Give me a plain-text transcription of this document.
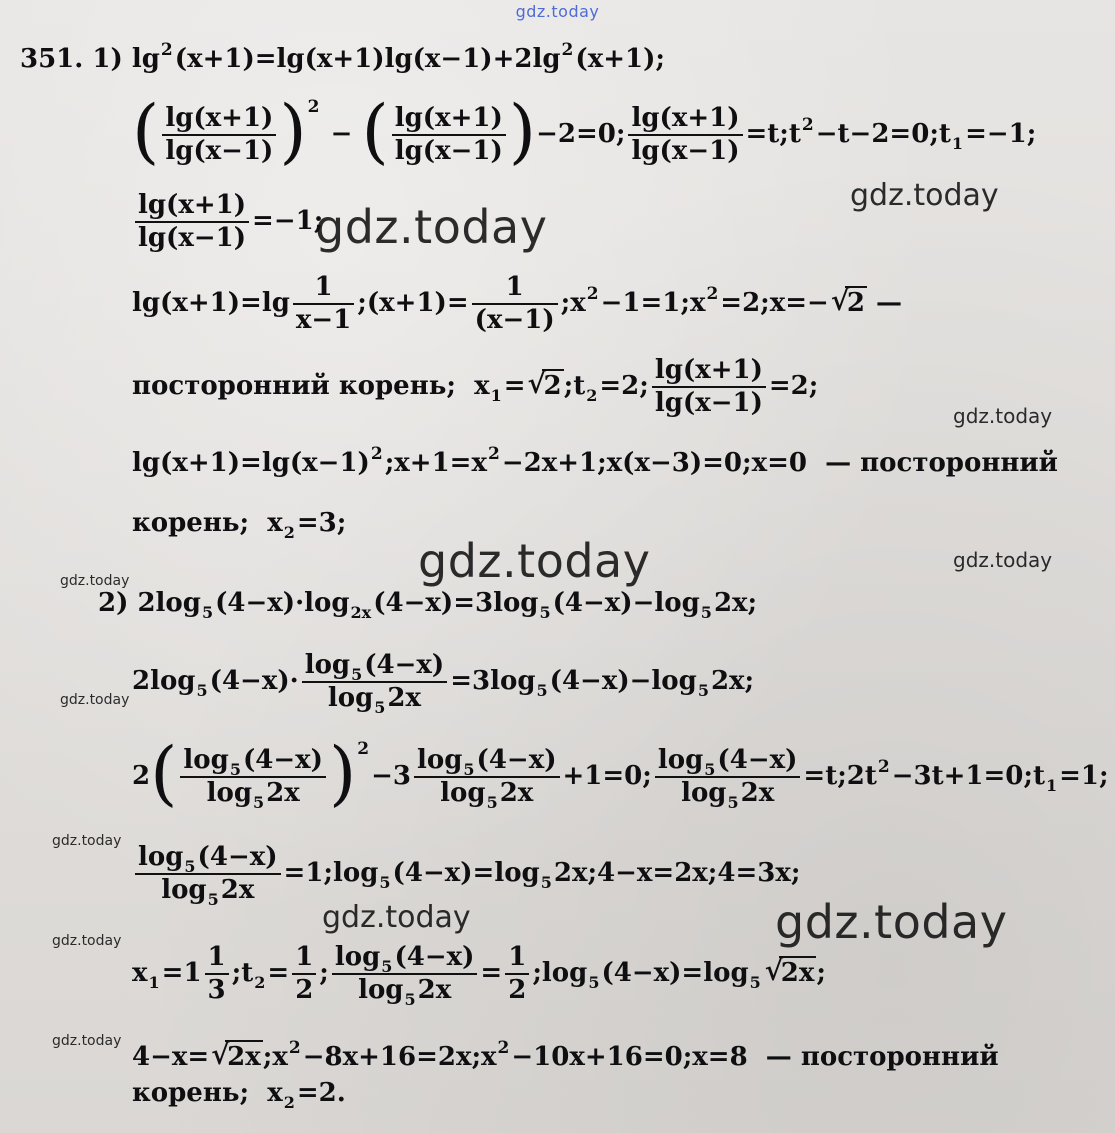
gdz.today
gdz.today
gdz.today
gdz.today
gdz.today	gdz.today
gdz.today
gdz.today
gdz.today
gdz.today	gdz.today
gdz.today
gdz.today
351. 1) $\lg^2(x+1)=\lg(x+1)\lg(x-1)+2\lg^2(x+1)$;
( $\frac{\lg(x+1)}{\lg(x-1)} )^2$ − ( $\frac{\lg(x+1)}{\lg(x-1)} )-2=0$; $\frac{\lg(x+1)}{\lg(x-1)}$ $=t;t^2-t-2=0;t_1=-1$;
$\frac{\lg(x+1)}{\lg(x-1)} =-1$;
$\lg(x+1)=\lg \frac{1}{x-1}$ ;(x+1)= $\frac{1}{(x-1)}$ $;x^2-1=1;x^2=2;x=-√$ 2 —
посторонний корень;  $x_1=√$ $2;t_2=2$; $\frac{\lg(x+1)}{\lg(x-1)} =2$;
$\lg(x+1)=\lg(x-1)^2;x+1=x^2-2x+1;x(x-3)=0;x=0$  — посторонний
корень;  $x_2=3$;
2) $2\log_5(4-x)\cdot\log_{2x}(4-x)=3\log_5(4-x)-\log_52x$;
$2\log_5(4-x)\cdot \frac{\log_5(4-x)}{\log_52x} =3\log_5(4-x)-\log_52x$;
$2( \frac{\log_5(4-x)}{\log_52x} )^2-3 \frac{\log_5(4-x)}{\log_52x} +1=0$; $\frac{\log_5(4-x)}{\log_52x}$ $=t;2t^2-3t+1=0;t_1=1$;
$\frac{\log_5(4-x)}{\log_52x}$ $=1;\log_5(4-x)=\log_52x;4-x=2x;4=3x$;
$x_1=1 \frac{1}{3}$ $;t_2= \frac{1}{2}$ ; $\frac{\log_5(4-x)}{\log_52x} = \frac{1}{2}$ $;\log_5(4-x)=\log_5√$ 2x;
4−x=√ $2x;x^2-8x+16=2x;x^2-10x+16=0;x=8$  — посторонний
корень;  $x_2=2$.
